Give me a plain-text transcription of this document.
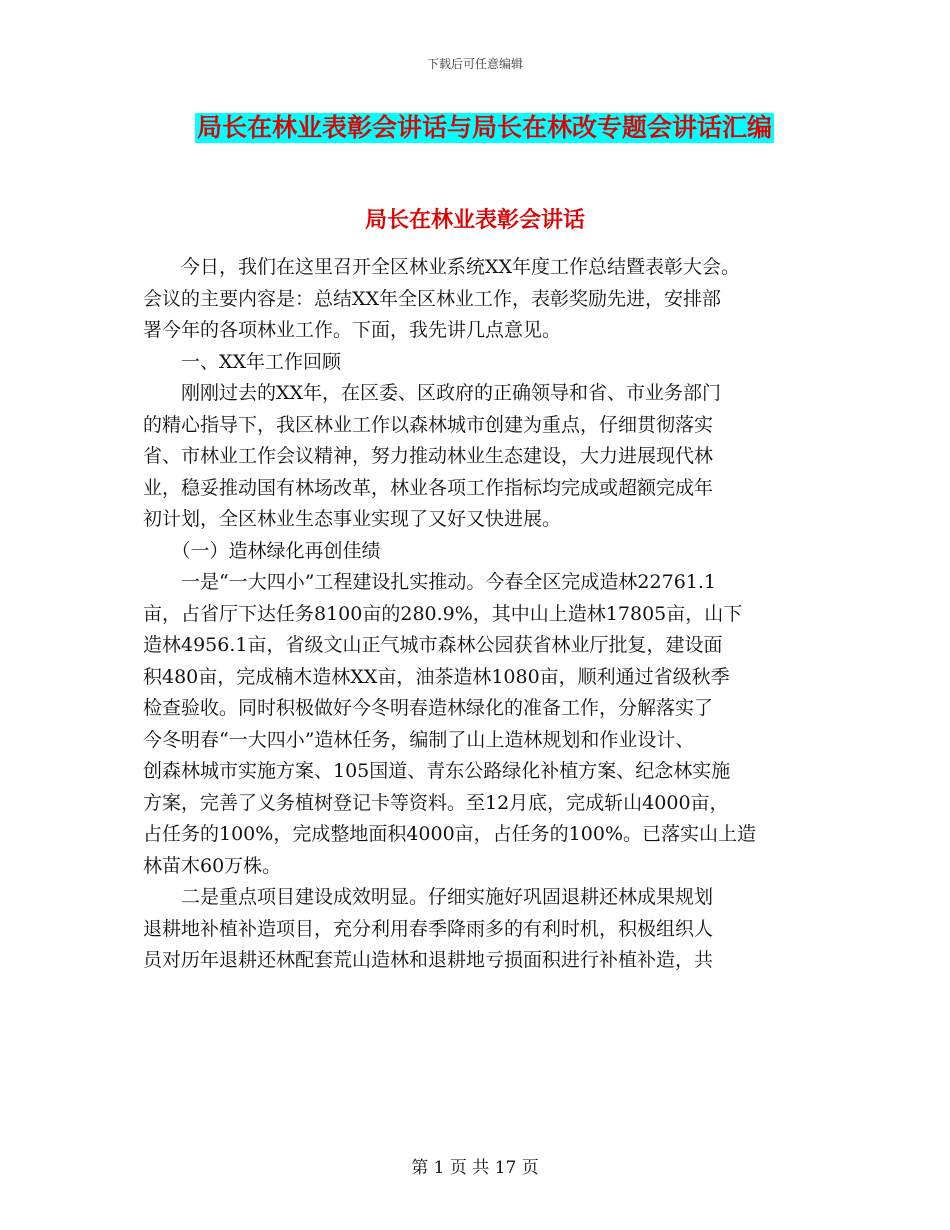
下载后可任意编辑
局长在林业表彰会讲话与局长在林改专题会讲话汇编
局长在林业表彰会讲话
　　今日，我们在这里召开全区林业系统XX年度工作总结暨表彰大会。
会议的主要内容是：总结XX年全区林业工作，表彰奖励先进，安排部
署今年的各项林业工作。下面，我先讲几点意见。
　　一、XX年工作回顾
　　刚刚过去的XX年，在区委、区政府的正确领导和省、市业务部门
的精心指导下，我区林业工作以森林城市创建为重点，仔细贯彻落实
省、市林业工作会议精神，努力推动林业生态建设，大力进展现代林
业，稳妥推动国有林场改革，林业各项工作指标均完成或超额完成年
初计划，全区林业生态事业实现了又好又快进展。
　　（一）造林绿化再创佳绩
　　一是“一大四小”工程建设扎实推动。今春全区完成造林22761.1
亩，占省厅下达任务8100亩的280.9%，其中山上造林17805亩，山下
造林4956.1亩，省级文山正气城市森林公园获省林业厅批复，建设面
积480亩，完成楠木造林XX亩，油茶造林1080亩，顺利通过省级秋季
检查验收。同时积极做好今冬明春造林绿化的准备工作，分解落实了
今冬明春“一大四小”造林任务，编制了山上造林规划和作业设计、
创森林城市实施方案、105国道、青东公路绿化补植方案、纪念林实施
方案，完善了义务植树登记卡等资料。至12月底，完成斩山4000亩，
占任务的100%，完成整地面积4000亩，占任务的100%。已落实山上造
林苗木60万株。
　　二是重点项目建设成效明显。仔细实施好巩固退耕还林成果规划
退耕地补植补造项目，充分利用春季降雨多的有利时机，积极组织人
员对历年退耕还林配套荒山造林和退耕地亏损面积进行补植补造，共
第 1 页 共 17 页
